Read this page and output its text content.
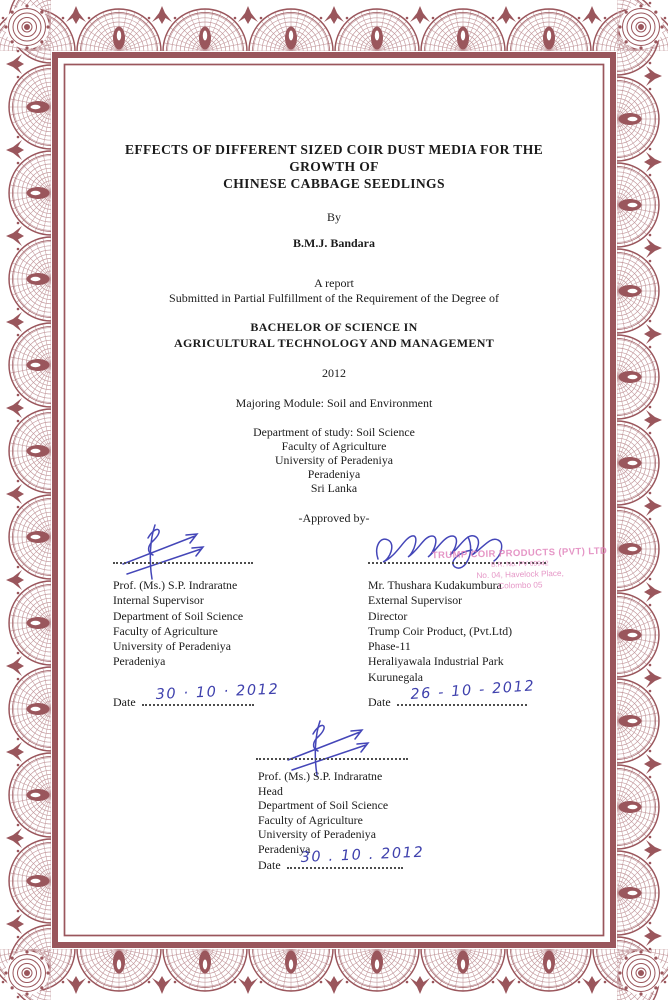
EFFECTS OF DIFFERENT SIZED COIR DUST MEDIA FOR THE
GROWTH OF
CHINESE CABBAGE SEEDLINGS
By
B.M.J. Bandara
A report
Submitted in Partial Fulfillment of the Requirement of the Degree of
BACHELOR OF SCIENCE IN
AGRICULTURAL TECHNOLOGY AND MANAGEMENT
2012
Majoring Module: Soil and Environment
Department of study: Soil Science
Faculty of Agriculture
University of Peradeniya
Peradeniya
Sri Lanka
-Approved by-
Prof. (Ms.) S.P. Indraratne
Internal Supervisor
Department of Soil Science
Faculty of Agriculture
University of Peradeniya
Peradeniya
Date 30 · 10 · 2012
Mr. Thushara Kudakumbura
External Supervisor
Director
Trump Coir Product, (Pvt.Ltd)
Phase-11
Heraliyawala Industrial Park
Kurunegala
Date 26 - 10 - 2012
TRUMP COIR PRODUCTS (PVT) LTD
B.R. No. PV 69942
No. 04, Havelock Place,
Colombo 05
Prof. (Ms.) S.P. Indraratne
Head
Department of Soil Science
Faculty of Agriculture
University of Peradeniya
Peradeniya
Date 30 . 10 . 2012
